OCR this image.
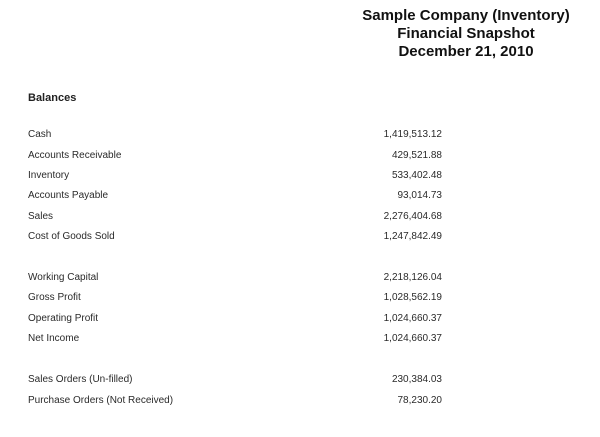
Sample Company (Inventory)
Financial Snapshot
December 21, 2010
Balances
Cash	1,419,513.12
Accounts Receivable	429,521.88
Inventory	533,402.48
Accounts Payable	93,014.73
Sales	2,276,404.68
Cost of Goods Sold	1,247,842.49
Working Capital	2,218,126.04
Gross Profit	1,028,562.19
Operating Profit	1,024,660.37
Net Income	1,024,660.37
Sales Orders (Un-filled)	230,384.03
Purchase Orders (Not Received)	78,230.20
